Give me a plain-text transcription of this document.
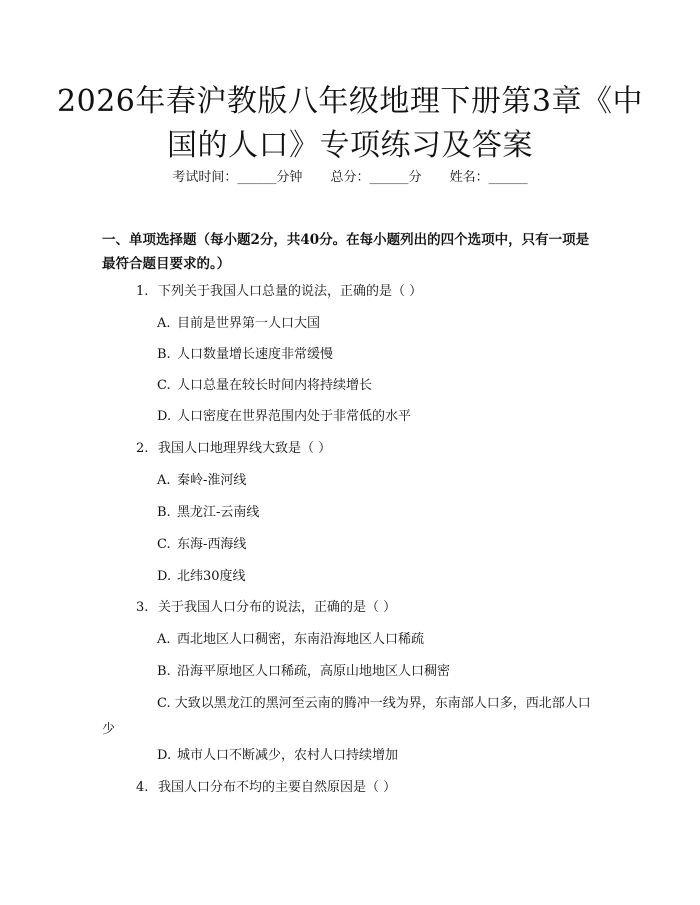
2026年春沪教版八年级地理下册第3章《中
国的人口》专项练习及答案
考试时间：______分钟 总分：______分 姓名：______
一、单项选择题（每小题2分，共40分。在每小题列出的四个选项中，只有一项是最符合题目要求的。）
1. 下列关于我国人口总量的说法，正确的是（ ）
A. 目前是世界第一人口大国
B. 人口数量增长速度非常缓慢
C. 人口总量在较长时间内将持续增长
D. 人口密度在世界范围内处于非常低的水平
2. 我国人口地理界线大致是（ ）
A. 秦岭-淮河线
B. 黑龙江-云南线
C. 东海-西海线
D. 北纬30度线
3. 关于我国人口分布的说法，正确的是（ ）
A. 西北地区人口稠密，东南沿海地区人口稀疏
B. 沿海平原地区人口稀疏，高原山地地区人口稠密
C. 大致以黑龙江的黑河至云南的腾冲一线为界，东南部人口多，西北部人口少
D. 城市人口不断减少，农村人口持续增加
4. 我国人口分布不均的主要自然原因是（ ）
